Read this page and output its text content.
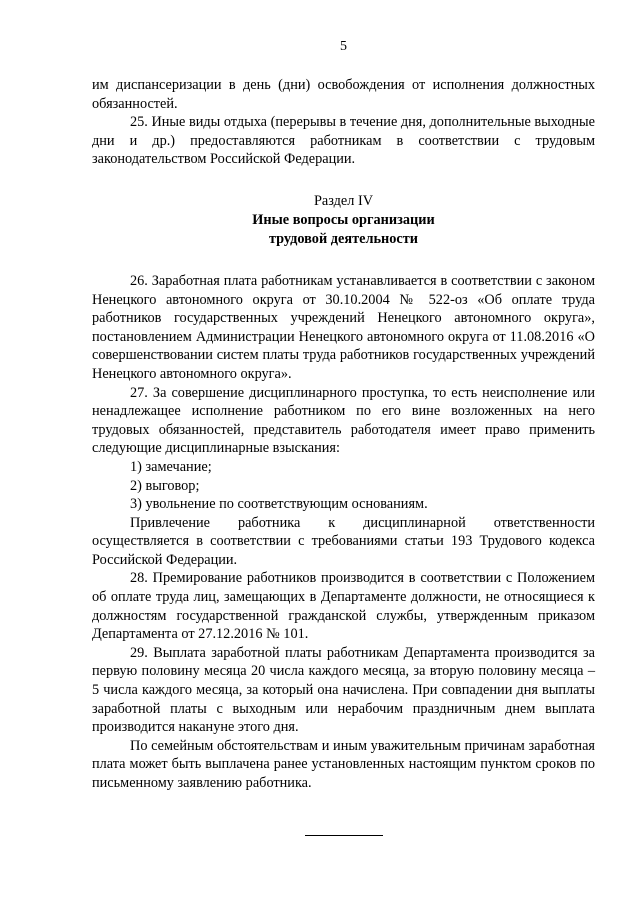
5

им диспансеризации в день (дни) освобождения от исполнения должностных обязанностей.

25. Иные виды отдыха (перерывы в течение дня, дополнительные выходные дни и др.) предоставляются работникам в соответствии с трудовым законодательством Российской Федерации.

Раздел IV
Иные вопросы организации
трудовой деятельности

26. Заработная плата работникам устанавливается в соответствии с законом Ненецкого автономного округа от 30.10.2004 № 522-оз «Об оплате труда работников государственных учреждений Ненецкого автономного округа», постановлением Администрации Ненецкого автономного округа от 11.08.2016 «О совершенствовании систем платы труда работников государственных учреждений Ненецкого автономного округа».

27. За совершение дисциплинарного проступка, то есть неисполнение или ненадлежащее исполнение работником по его вине возложенных на него трудовых обязанностей, представитель работодателя имеет право применить следующие дисциплинарные взыскания:

1) замечание;

2) выговор;

3) увольнение по соответствующим основаниям.

Привлечение работника к дисциплинарной ответственности осуществляется в соответствии с требованиями статьи 193 Трудового кодекса Российской Федерации.

28. Премирование работников производится в соответствии с Положением об оплате труда лиц, замещающих в Департаменте должности, не относящиеся к должностям государственной гражданской службы, утвержденным приказом Департамента от 27.12.2016 № 101.

29. Выплата заработной платы работникам Департамента производится за первую половину месяца 20 числа каждого месяца, за вторую половину месяца – 5 числа каждого месяца, за который она начислена. При совпадении дня выплаты заработной платы с выходным или нерабочим праздничным днем выплата производится накануне этого дня.

По семейным обстоятельствам и иным уважительным причинам заработная плата может быть выплачена ранее установленных настоящим пунктом сроков по письменному заявлению работника.
